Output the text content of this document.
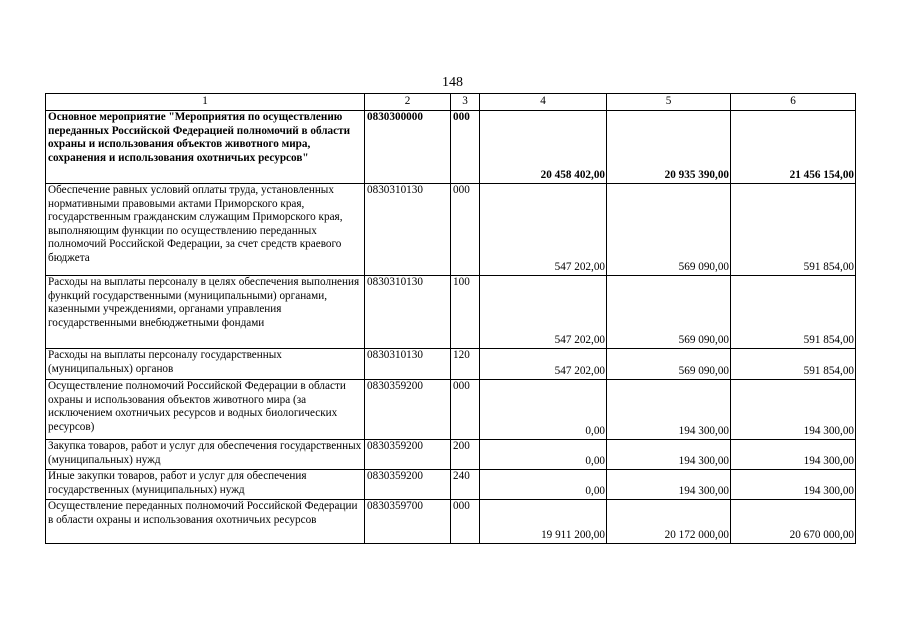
148
1	2	3	4	5	6
Основное мероприятие "Мероприятия по осуществлению переданных Российской Федерацией полномочий в области охраны и использования объектов животного мира, сохранения и использования охотничьих ресурсов"	0830300000	000	20 458 402,00	20 935 390,00	21 456 154,00
Обеспечение равных условий оплаты труда, установленных нормативными правовыми актами Приморского края, государственным гражданским служащим Приморского края, выполняющим функции по осуществлению переданных полномочий Российской Федерации, за счет средств краевого бюджета	0830310130	000	547 202,00	569 090,00	591 854,00
Расходы на выплаты персоналу в целях обеспечения выполнения функций государственными (муниципальными) органами, казенными учреждениями, органами управления государственными внебюджетными фондами	0830310130	100	547 202,00	569 090,00	591 854,00
Расходы на выплаты персоналу государственных (муниципальных) органов	0830310130	120	547 202,00	569 090,00	591 854,00
Осуществление полномочий Российской Федерации в области охраны и использования объектов животного мира (за исключением охотничьих ресурсов и водных биологических ресурсов)	0830359200	000	0,00	194 300,00	194 300,00
Закупка товаров, работ и услуг для обеспечения государственных (муниципальных) нужд	0830359200	200	0,00	194 300,00	194 300,00
Иные закупки товаров, работ и услуг для обеспечения государственных (муниципальных) нужд	0830359200	240	0,00	194 300,00	194 300,00
Осуществление переданных полномочий Российской Федерации в области охраны и использования охотничьих ресурсов	0830359700	000	19 911 200,00	20 172 000,00	20 670 000,00
